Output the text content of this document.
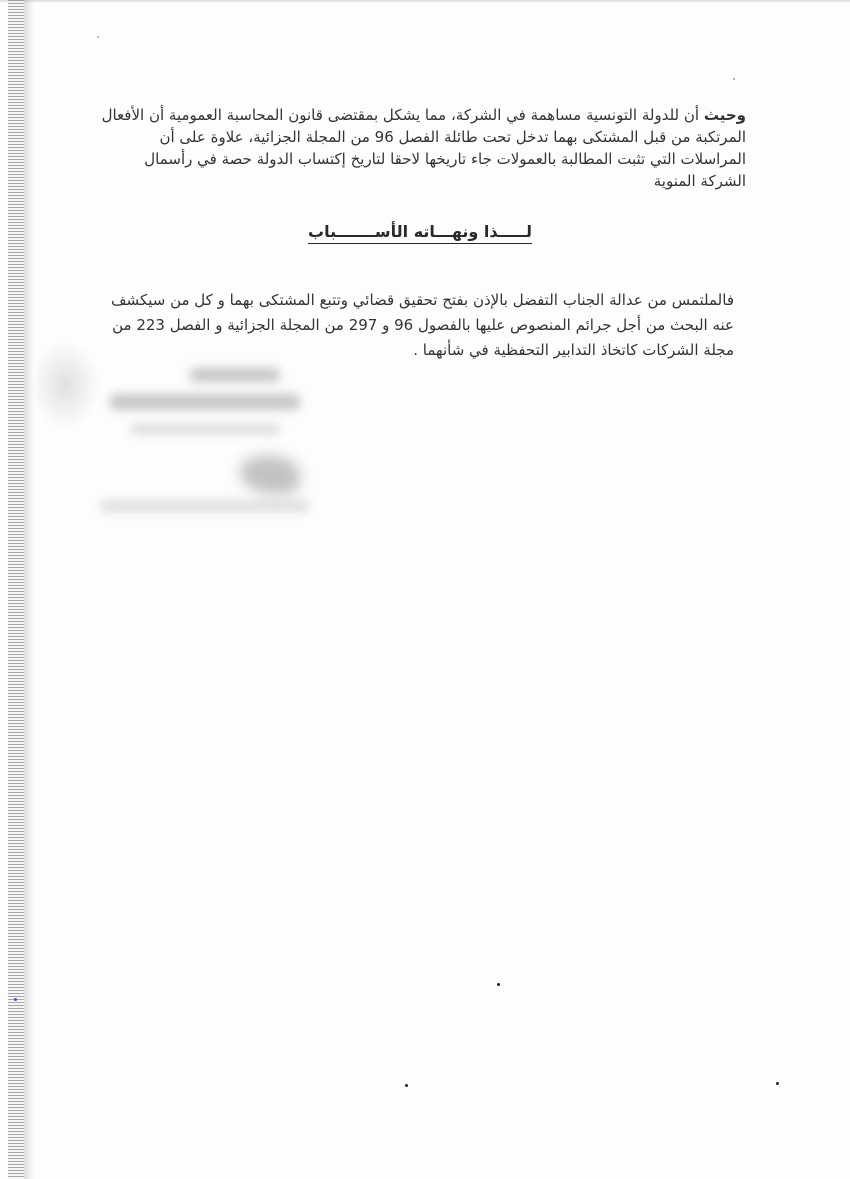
وحيث أن للدولة التونسية مساهمة في الشركة، مما يشكل بمقتضى قانون المحاسبة العمومية أن الأفعال المرتكبة من قبل المشتكى بهما تدخل تحت طائلة الفصل 96 من المجلة الجزائية، علاوة على أن المراسلات التي تثبت المطالبة بالعمولات جاء تاريخها لاحقا لتاريخ إكتساب الدولة حصة في رأسمال الشركة المنوية

لـــــذا ونهـــاته الأســـــــباب

فالملتمس من عدالة الجناب التفضل بالإذن بفتح تحقيق قضائي وتتبع المشتكى بهما و كل من سيكشف عنه البحث من أجل جرائم المنصوص عليها بالفصول 96 و 297 من المجلة الجزائية و الفصل 223 من مجلة الشركات كاتخاذ التدابير التحفظية في شأنهما .
